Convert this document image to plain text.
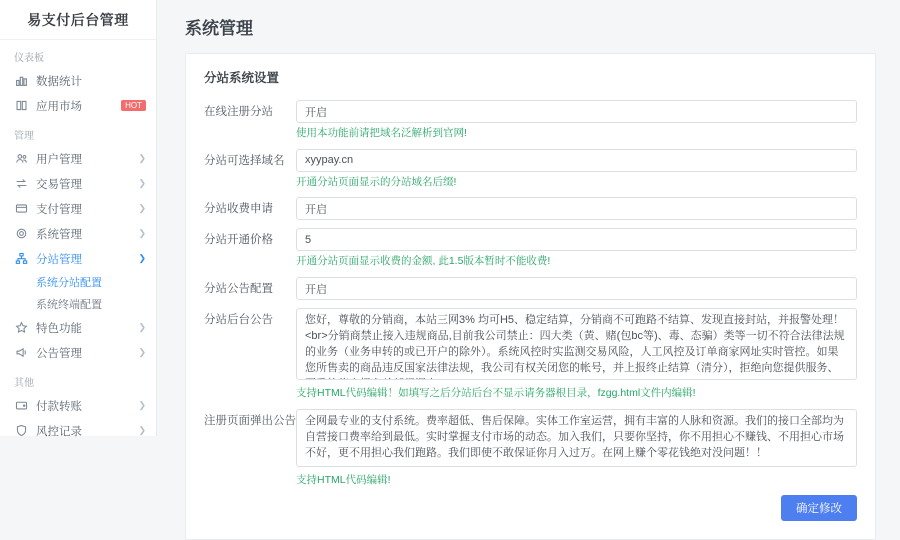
易支付后台管理
仪表板
数据统计
应用市场	HOT
管理
用户管理	❯
交易管理	❯
支付管理	❯
系统管理	❯
分站管理	❯
系统分站配置
系统终端配置
特色功能	❯
公告管理	❯
其他
付款转账	❯
风控记录	❯
系统管理
分站系统设置
在线注册分站
开启
使用本功能前请把域名泛解析到官网!
分站可选择域名
xyypay.cn
开通分站页面显示的分站域名后缀!
分站收费申请
开启
分站开通价格
5
开通分站页面显示收费的金额, 此1.5版本暂时不能收费!
分站公告配置
开启
分站后台公告
您好，尊敬的分销商，本站三网3% 均可H5、稳定结算，分销商不可跑路不结算、发现直接封站，并报警处理！<br>分销商禁止接入违规商品,目前我公司禁止：四大类（黄、赌(包bc等)、毒、态骗）类等一切不符合法律法规的业务（业务申转的或已开户的除外）。系统风控时实监测交易风险，人工风控及订单商家网址实时管控。如果您所售卖的商品违反国家法律法规，我公司有权关闭您的帐号，并上报终止结算（清分），拒绝向您提供服务、严重的将上报有关部门调查!
支持HTML代码编辑！如填写之后分站后台不显示请务器根目录，fzgg.html文件内编辑!
注册页面弹出公告
全网最专业的支付系统。费率超低、售后保障。实体工作室运营，拥有丰富的人脉和资源。我们的接口全部均为自营接口费率给到最低。实时掌握支付市场的动态。加入我们，只要你坚持，你不用担心不赚钱、不用担心市场不好，更不用担心我们跑路。我们即使不敢保证你月入过万。在网上赚个零花钱绝对没问题！！
支持HTML代码编辑!
确定修改
